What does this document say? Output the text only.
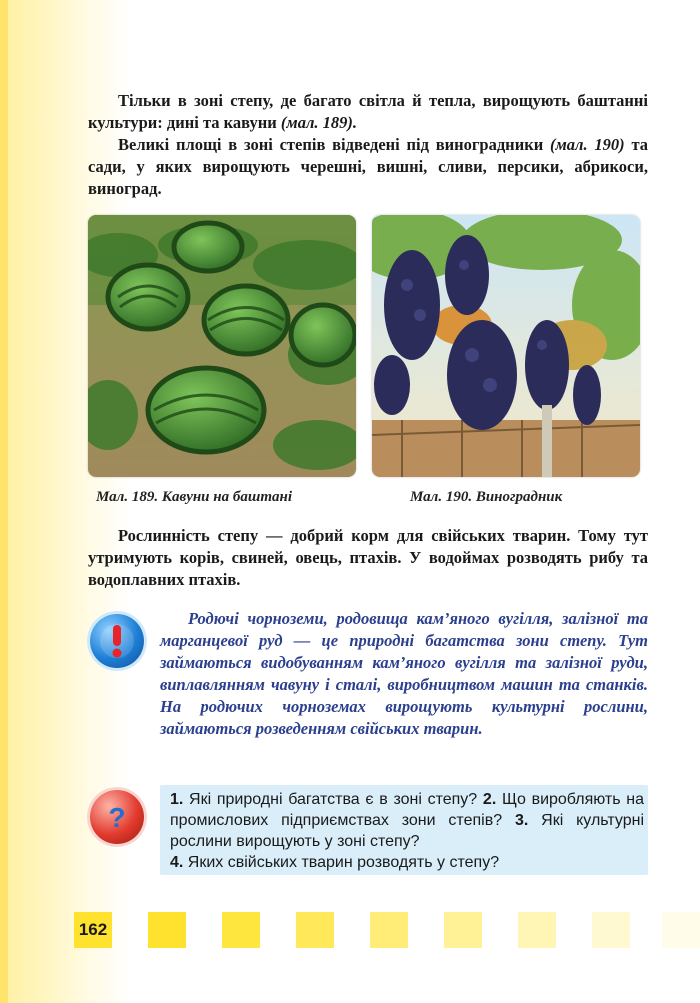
Тільки в зоні степу, де багато світла й тепла, вирощують баштанні культури: дині та кавуни (мал. 189).

Великі площі в зоні степів відведені під виноградники (мал. 190) та сади, у яких вирощують черешні, вишні, сливи, персики, абрикоси, виноград.

Мал. 189. Кавуни на баштані	Мал. 190. Виноградник

Рослинність степу — добрий корм для свійських тварин. Тому тут утримують корів, свиней, овець, птахів. У водоймах розводять рибу та водоплавних птахів.

Родючі чорноземи, родовища кам’яного вугілля, залізної та марганцевої руд — це природні багатства зони степу. Тут займаються видобуванням кам’яного вугілля та залізної руди, виплавлянням чавуну і сталі, виробництвом машин та станків. На родючих чорноземах вирощують культурні рослини, займаються розведенням свійських тварин.

?

1. Які природні багатства є в зоні степу? 2. Що виробляють на промислових підприємствах зони степів? 3. Які культурні рослини вирощують у зоні степу?
4. Яких свійських тварин розводять у степу?

162
